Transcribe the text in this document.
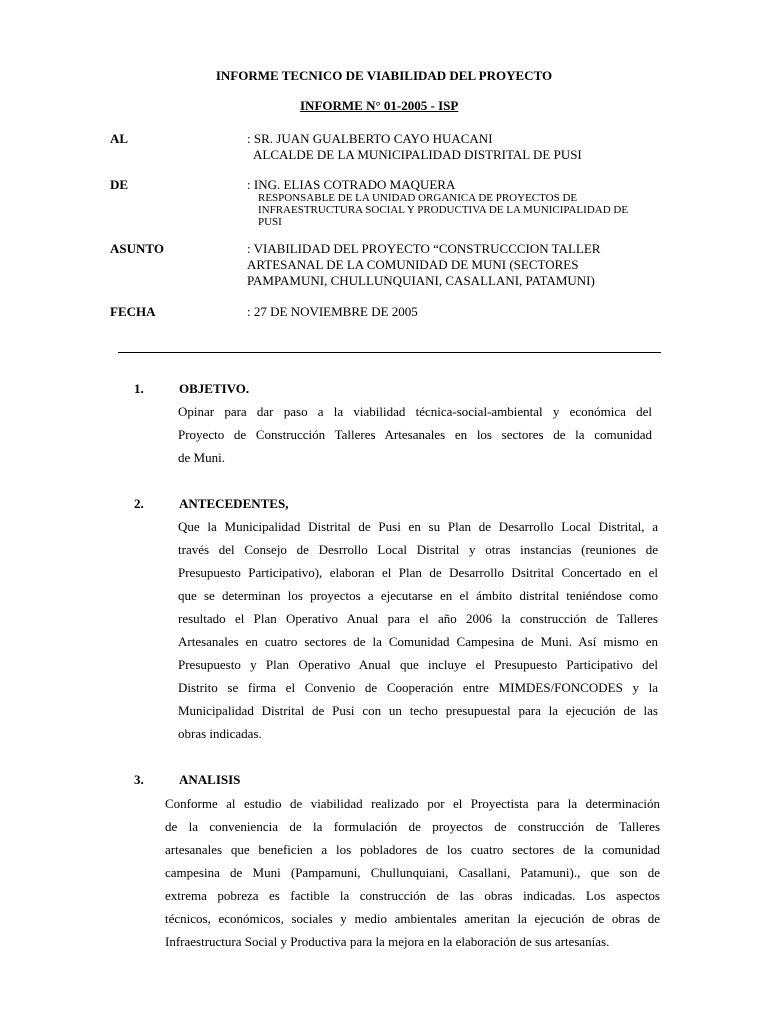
INFORME TECNICO DE VIABILIDAD DEL PROYECTO
INFORME N° 01-2005 - ISP
AL	: SR. JUAN GUALBERTO CAYO HUACANI
ALCALDE DE LA MUNICIPALIDAD DISTRITAL DE PUSI
DE	: ING. ELIAS COTRADO MAQUERA
RESPONSABLE DE LA UNIDAD ORGANICA DE PROYECTOS DE
INFRAESTRUCTURA SOCIAL Y PRODUCTIVA DE LA MUNICIPALIDAD DE
PUSI
ASUNTO	: VIABILIDAD DEL PROYECTO “CONSTRUCCCION TALLER
ARTESANAL DE LA COMUNIDAD DE MUNI (SECTORES
PAMPAMUNI, CHULLUNQUIANI, CASALLANI, PATAMUNI)
FECHA	: 27 DE NOVIEMBRE DE 2005
1.	OBJETIVO.
Opinar para dar paso a la viabilidad técnica-social-ambiental y económica del
Proyecto de Construcción Talleres Artesanales en los sectores de la comunidad
de Muni.
2.	ANTECEDENTES,
Que la Municipalidad Distrital de Pusi en su Plan de Desarrollo Local Distrital, a
través del Consejo de Desrrollo Local Distrital y otras instancias (reuniones de
Presupuesto Participativo), elaboran el Plan de Desarrollo Dsitrital Concertado en el
que se determinan los proyectos a ejecutarse en el ámbito distrital teniéndose como
resultado el Plan Operativo Anual para el año 2006 la construcción de Talleres
Artesanales en cuatro sectores de la Comunidad Campesina de Muni. Así mismo en
Presupuesto y Plan Operativo Anual que incluye el Presupuesto Participativo del
Distrito se firma el Convenio de Cooperación entre MIMDES/FONCODES y la
Municipalidad Distrital de Pusi con un techo presupuestal para la ejecución de las
obras indicadas.
3.	ANALISIS
Conforme al estudio de viabilidad realizado por el Proyectista para la determinación
de la conveniencia de la formulación de proyectos de construcción de Talleres
artesanales que beneficien a los pobladores de los cuatro sectores de la comunidad
campesina de Muni (Pampamuni, Chullunquiani, Casallani, Patamuni)., que son de
extrema pobreza es factible la construcción de las obras indicadas. Los aspectos
técnicos, económicos, sociales y medio ambientales ameritan la ejecución de obras de
Infraestructura Social y Productiva para la mejora en la elaboración de sus artesanías.
